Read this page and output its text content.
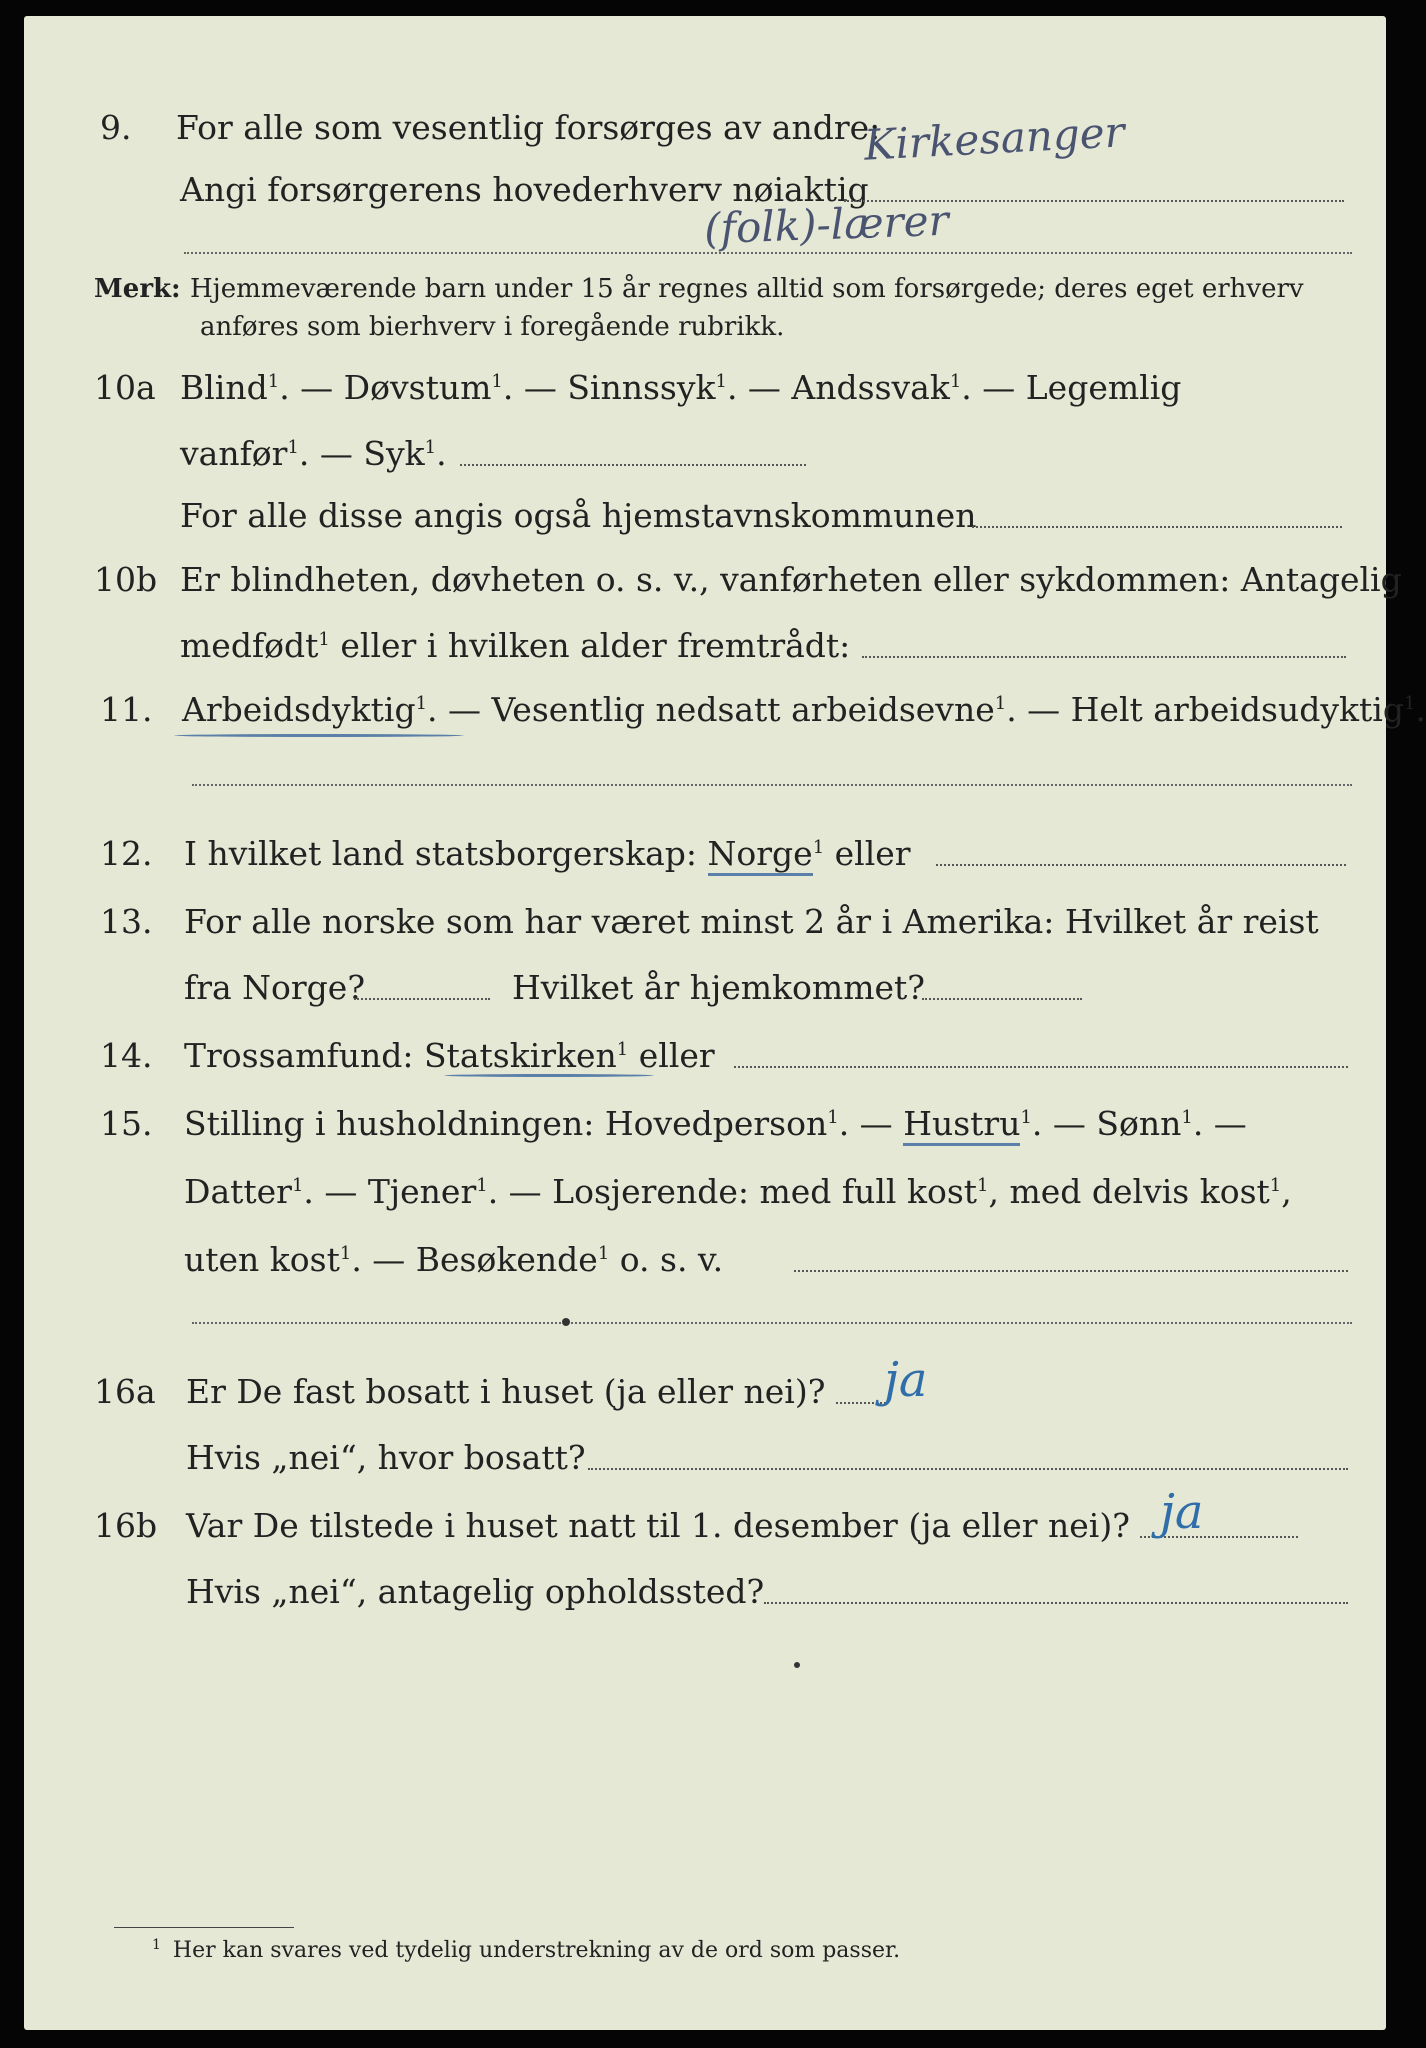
9. For alle som vesentlig forsørges av andre:
Kirkesanger
Angi forsørgerens hovederhverv nøiaktig
(folk)-lærer
Merk: Hjemmeværende barn under 15 år regnes alltid som forsørgede; deres eget erhverv
anføres som bierhverv i foregående rubrikk.
10a Blind$^1$. — Døvstum$^1$. — Sinnssyk$^1$. — Andssvak$^1$. — Legemlig
vanfør$^1$. — Syk$^1$.
For alle disse angis også hjemstavnskommunen
10b Er blindheten, døvheten o. s. v., vanførheten eller sykdommen: Antagelig
medfødt$^1$ eller i hvilken alder fremtrådt:
11. Arbeidsdyktig$^1$. — Vesentlig nedsatt arbeidsevne$^1$. — Helt arbeidsudyktig$^1$.
12. I hvilket land statsborgerskap: Norge$^1$ eller
13. For alle norske som har været minst 2 år i Amerika: Hvilket år reist
fra Norge?	Hvilket år hjemkommet?
14. Trossamfund: Statskirken$^1$ eller
15. Stilling i husholdningen: Hovedperson$^1$. — Hustru$^1$. — Sønn$^1$. —
Datter$^1$. — Tjener$^1$. — Losjerende: med full kost$^1$, med delvis kost$^1$,
uten kost$^1$. — Besøkende$^1$ o. s. v.
16a Er De fast bosatt i huset (ja eller nei)? ja
Hvis „nei“, hvor bosatt?
16b Var De tilstede i huset natt til 1. desember (ja eller nei)? ja
Hvis „nei“, antagelig opholdssted?
$^1$ Her kan svares ved tydelig understrekning av de ord som passer.
